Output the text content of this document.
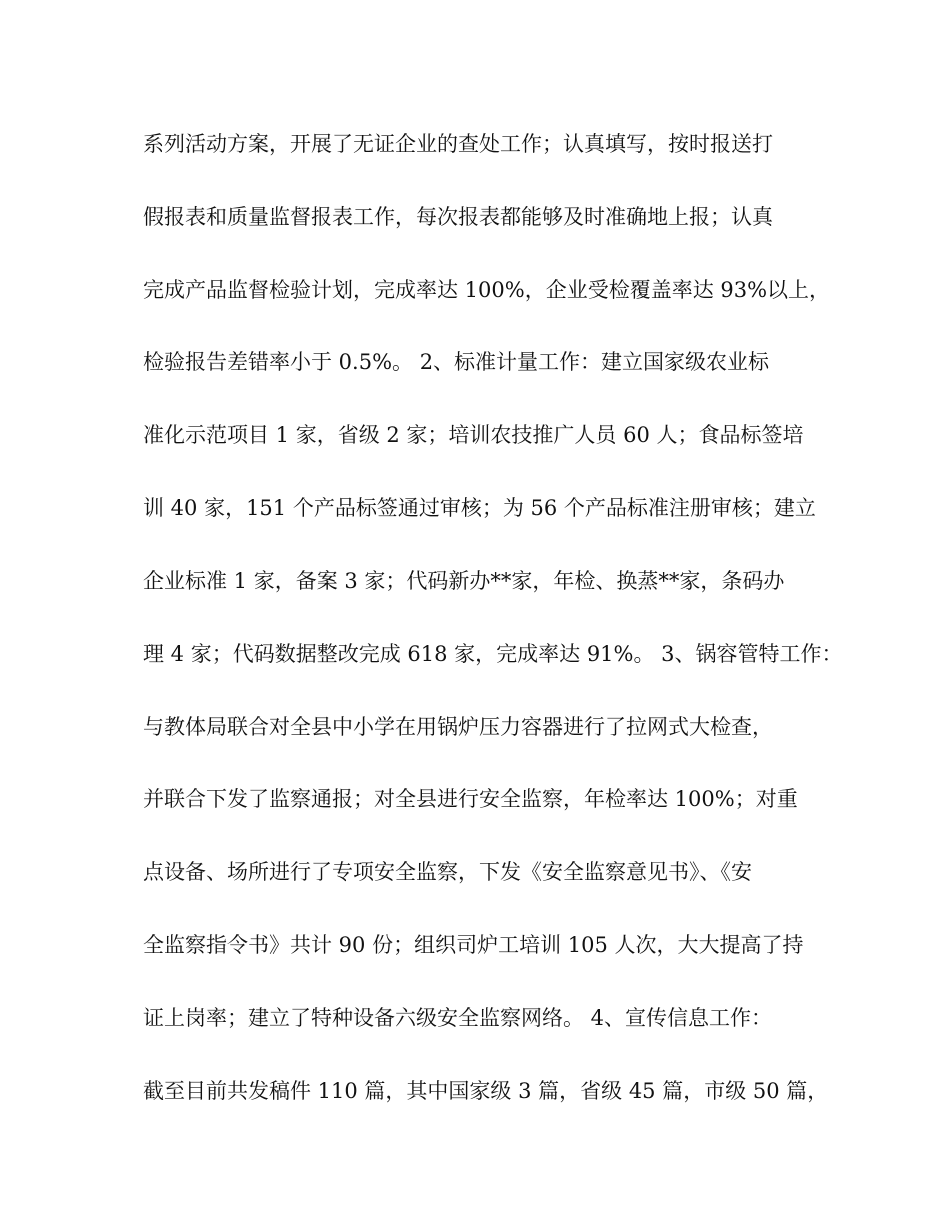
系列活动方案，开展了无证企业的查处工作；认真填写，按时报送打
假报表和质量监督报表工作，每次报表都能够及时准确地上报；认真
完成产品监督检验计划，完成率达 100%，企业受检覆盖率达 93%以上，
检验报告差错率小于 0.5%。 2、标准计量工作：建立国家级农业标
准化示范项目 1 家，省级 2 家；培训农技推广人员 60 人；食品标签培
训 40 家，151 个产品标签通过审核；为 56 个产品标准注册审核；建立
企业标准 1 家，备案 3 家；代码新办**家，年检、换蒸**家，条码办
理 4 家；代码数据整改完成 618 家，完成率达 91%。 3、锅容管特工作：
与教体局联合对全县中小学在用锅炉压力容器进行了拉网式大检查，
并联合下发了监察通报；对全县进行安全监察，年检率达 100%；对重
点设备、场所进行了专项安全监察，下发《安全监察意见书》、《安
全监察指令书》共计 90 份；组织司炉工培训 105 人次，大大提高了持
证上岗率；建立了特种设备六级安全监察网络。 4、宣传信息工作：
截至目前共发稿件 110 篇，其中国家级 3 篇，省级 45 篇，市级 50 篇，
